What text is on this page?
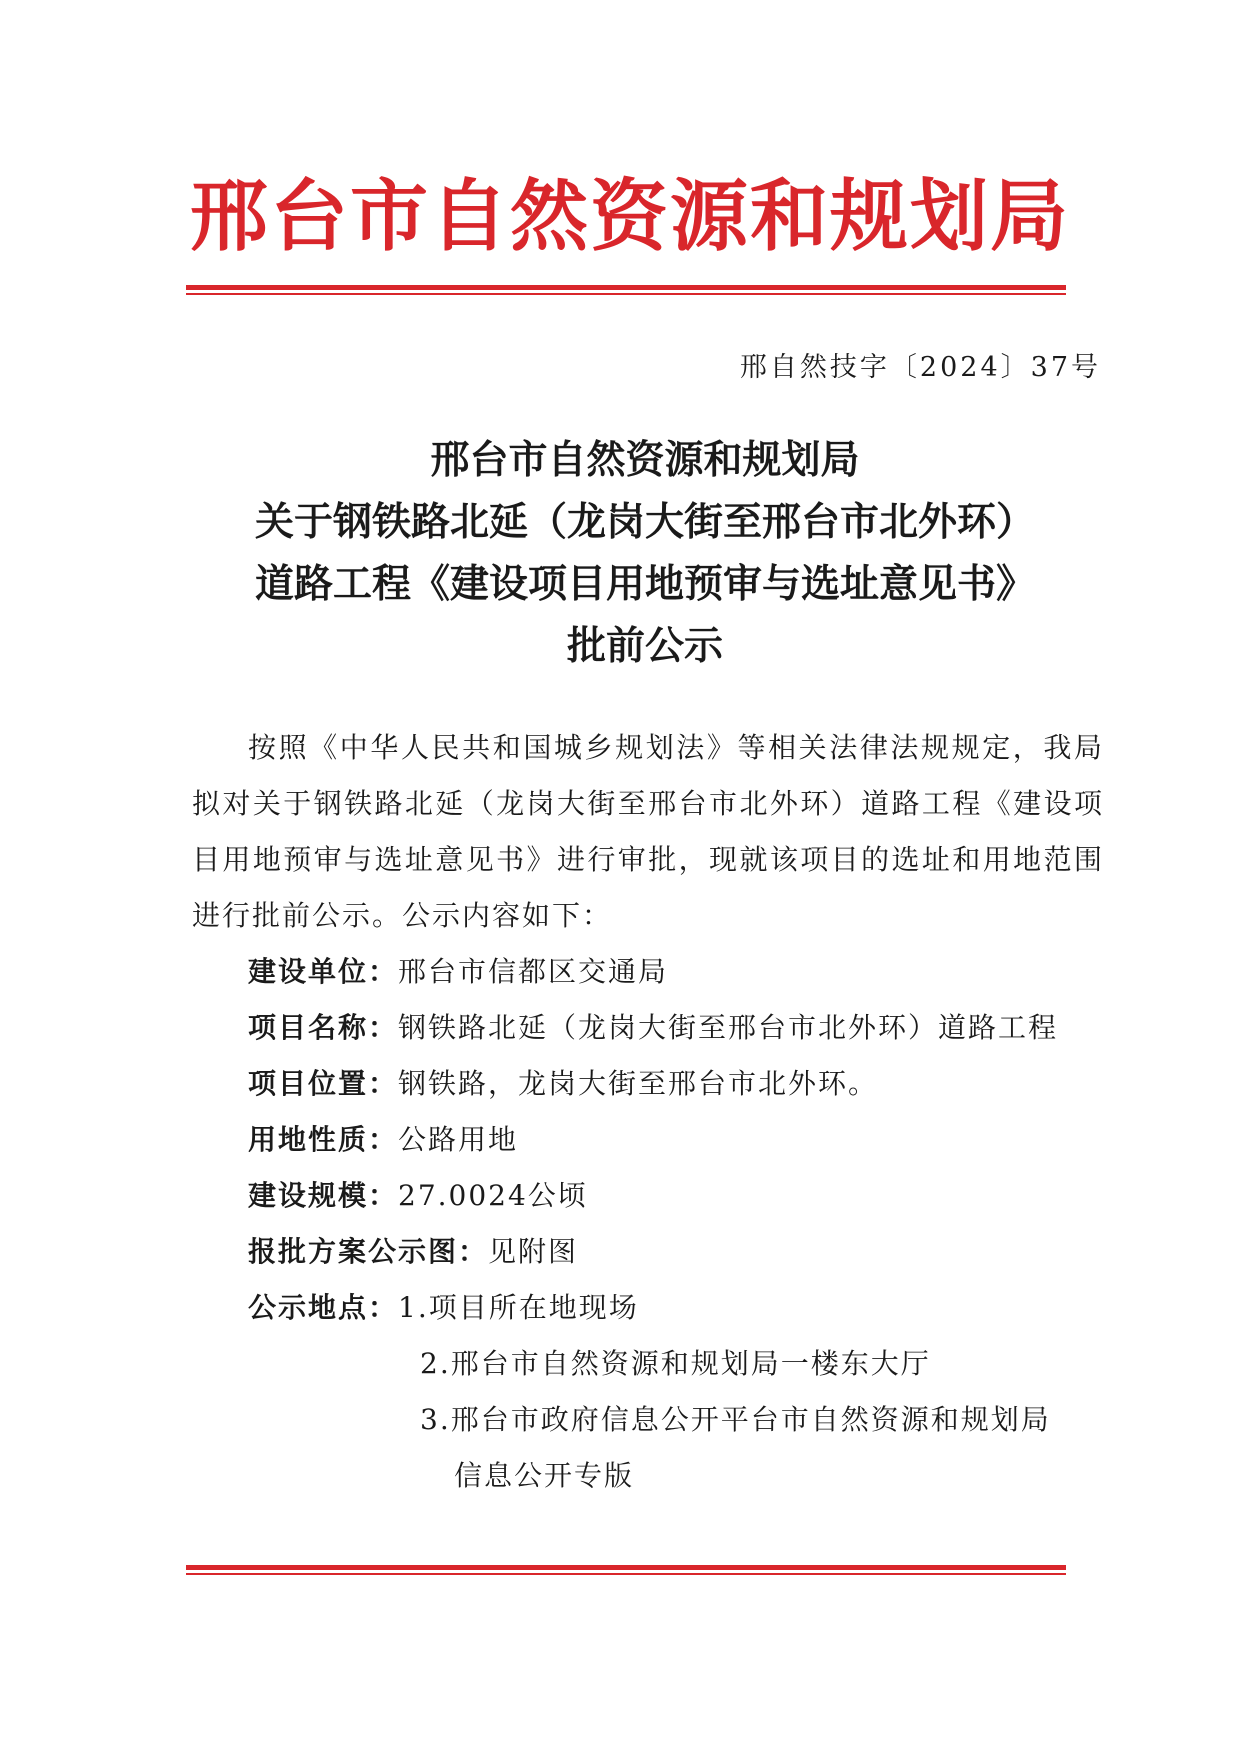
邢台市自然资源和规划局
邢自然技字〔2024〕37号
邢台市自然资源和规划局
关于钢铁路北延（龙岗大街至邢台市北外环）
道路工程《建设项目用地预审与选址意见书》
批前公示
按照《中华人民共和国城乡规划法》等相关法律法规规定，我局拟对关于钢铁路北延（龙岗大街至邢台市北外环）道路工程《建设项目用地预审与选址意见书》进行审批，现就该项目的选址和用地范围进行批前公示。公示内容如下：
建设单位：邢台市信都区交通局
项目名称：钢铁路北延（龙岗大街至邢台市北外环）道路工程
项目位置：钢铁路，龙岗大街至邢台市北外环。
用地性质：公路用地
建设规模：27.0024公顷
报批方案公示图：见附图
公示地点：1.项目所在地现场
2.邢台市自然资源和规划局一楼东大厅
3.邢台市政府信息公开平台市自然资源和规划局
信息公开专版
